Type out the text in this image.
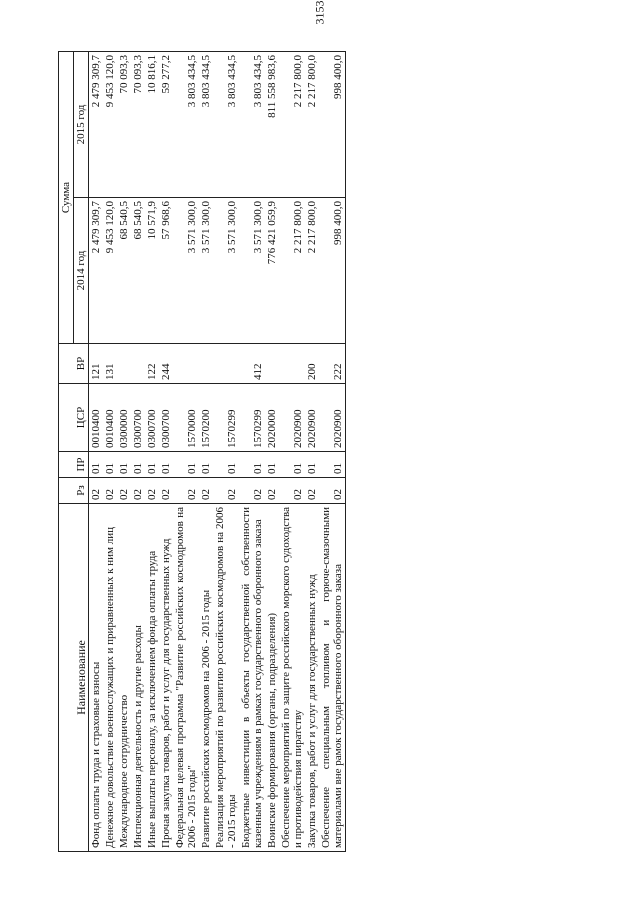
3153
Наименование	Рз	ПР	ЦСР	ВР	Сумма	
					2014 год	2015 год
Фонд оплаты труда и страховые взносы	02	01	0010400	121	2 479 309,7	2 479 309,7
Денежное довольствие военнослужащих и приравненных к ним лиц	02	01	0010400	131	9 453 120,0	9 453 120,0
Международное сотрудничество	02	01	0300000		68 540,5	70 093,3
Инспекционная деятельность и другие расходы	02	01	0300700		68 540,5	70 093,3
Иные выплаты персоналу, за исключением фонда оплаты труда	02	01	0300700	122	10 571,9	10 816,1
Прочая закупка товаров, работ и услуг для государственных нужд	02	01	0300700	244	57 968,6	59 277,2
Федеральная целевая программа "Развитие российских космодромов на 2006 - 2015 годы"	02	01	1570000		3 571 300,0	3 803 434,5
Развитие российских космодромов на 2006 - 2015 годы	02	01	1570200		3 571 300,0	3 803 434,5
Реализация мероприятий по развитию российских космодромов на 2006 - 2015 годы	02	01	1570299		3 571 300,0	3 803 434,5
Бюджетные инвестиции в объекты государственной собственности казенным учреждениям в рамках государственного оборонного заказа	02	01	1570299	412	3 571 300,0	3 803 434,5
Воинские формирования (органы, подразделения)	02	01	2020000		776 421 059,9	811 558 983,6
Обеспечение мероприятий по защите российского морского судоходства и противодействия пиратству	02	01	2020900		2 217 800,0	2 217 800,0
Закупка товаров, работ и услуг для государственных нужд	02	01	2020900	200	2 217 800,0	2 217 800,0
Обеспечение специальным топливом и горюче-смазочными материалами вне рамок государственного оборонного заказа	02	01	2020900	222	998 400,0	998 400,0
